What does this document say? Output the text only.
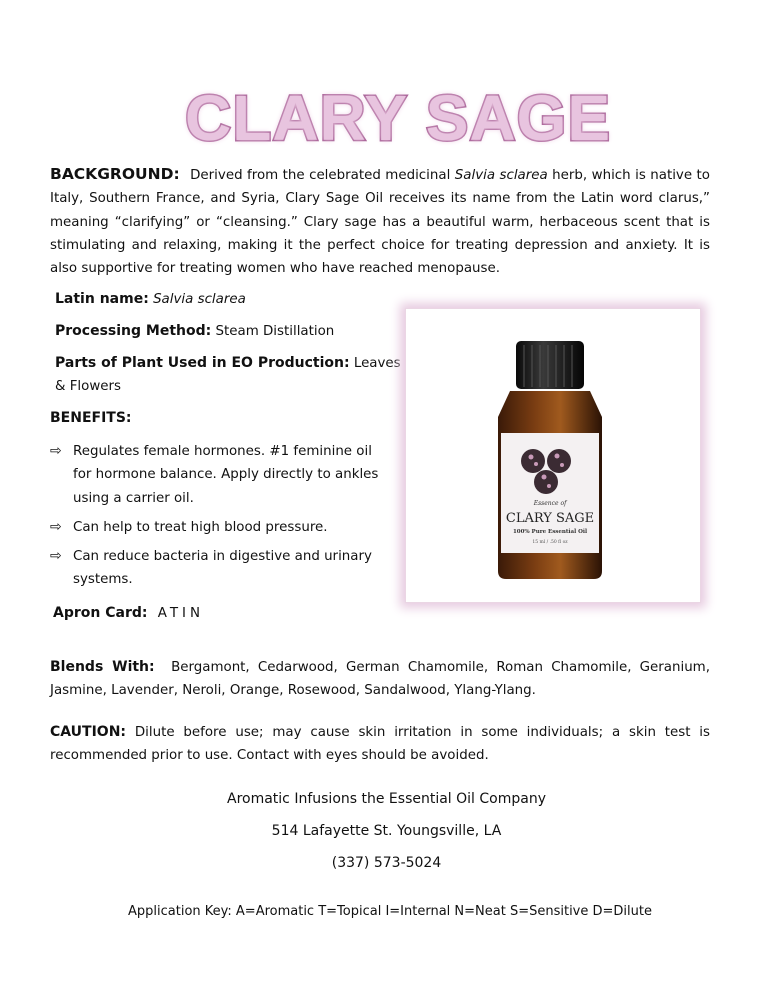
CLARY SAGE

BACKGROUND: Derived from the celebrated medicinal Salvia sclarea herb, which is native to Italy, Southern France, and Syria, Clary Sage Oil receives its name from the Latin word clarus,” meaning “clarifying” or “cleansing.” Clary sage has a beautiful warm, herbaceous scent that is stimulating and relaxing, making it the perfect choice for treating depression and anxiety. It is also supportive for treating women who have reached menopause.

Latin name: Salvia sclarea
Processing Method: Steam Distillation
Parts of Plant Used in EO Production: Leaves
& Flowers
BENEFITS:
⇨ Regulates female hormones. #1 feminine oil for hormone balance. Apply directly to ankles using a carrier oil.
⇨ Can help to treat high blood pressure.
⇨ Can reduce bacteria in digestive and urinary systems.
Apron Card: ATIN

Blends With: Bergamont, Cedarwood, German Chamomile, Roman Chamomile, Geranium, Jasmine, Lavender, Neroli, Orange, Rosewood, Sandalwood, Ylang-Ylang.

CAUTION: Dilute before use; may cause skin irritation in some individuals; a skin test is recommended prior to use. Contact with eyes should be avoided.

Aromatic Infusions the Essential Oil Company
514 Lafayette St. Youngsville, LA
(337) 573-5024
Application Key: A=Aromatic T=Topical I=Internal N=Neat S=Sensitive D=Dilute
Essence of
CLARY SAGE
100% Pure Essential Oil
15 ml / .50 fl oz
